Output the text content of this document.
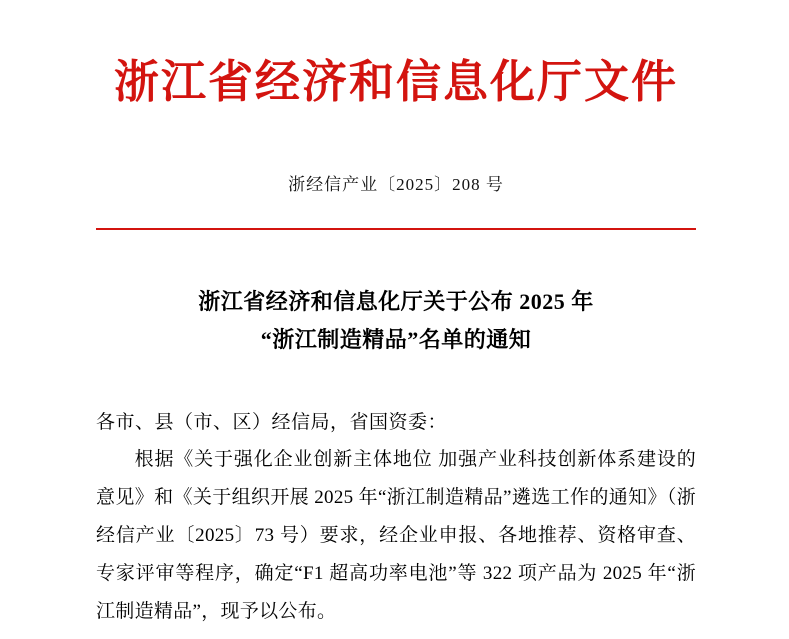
浙江省经济和信息化厅文件
浙经信产业〔2025〕208 号
浙江省经济和信息化厅关于公布 2025 年
“浙江制造精品”名单的通知
各市、县（市、区）经信局，省国资委：
根据《关于强化企业创新主体地位 加强产业科技创新体系建设的意见》和《关于组织开展 2025 年“浙江制造精品”遴选工作的通知》（浙经信产业〔2025〕73 号）要求，经企业申报、各地推荐、资格审查、专家评审等程序，确定“F1 超高功率电池”等 322 项产品为 2025 年“浙江制造精品”，现予以公布。
